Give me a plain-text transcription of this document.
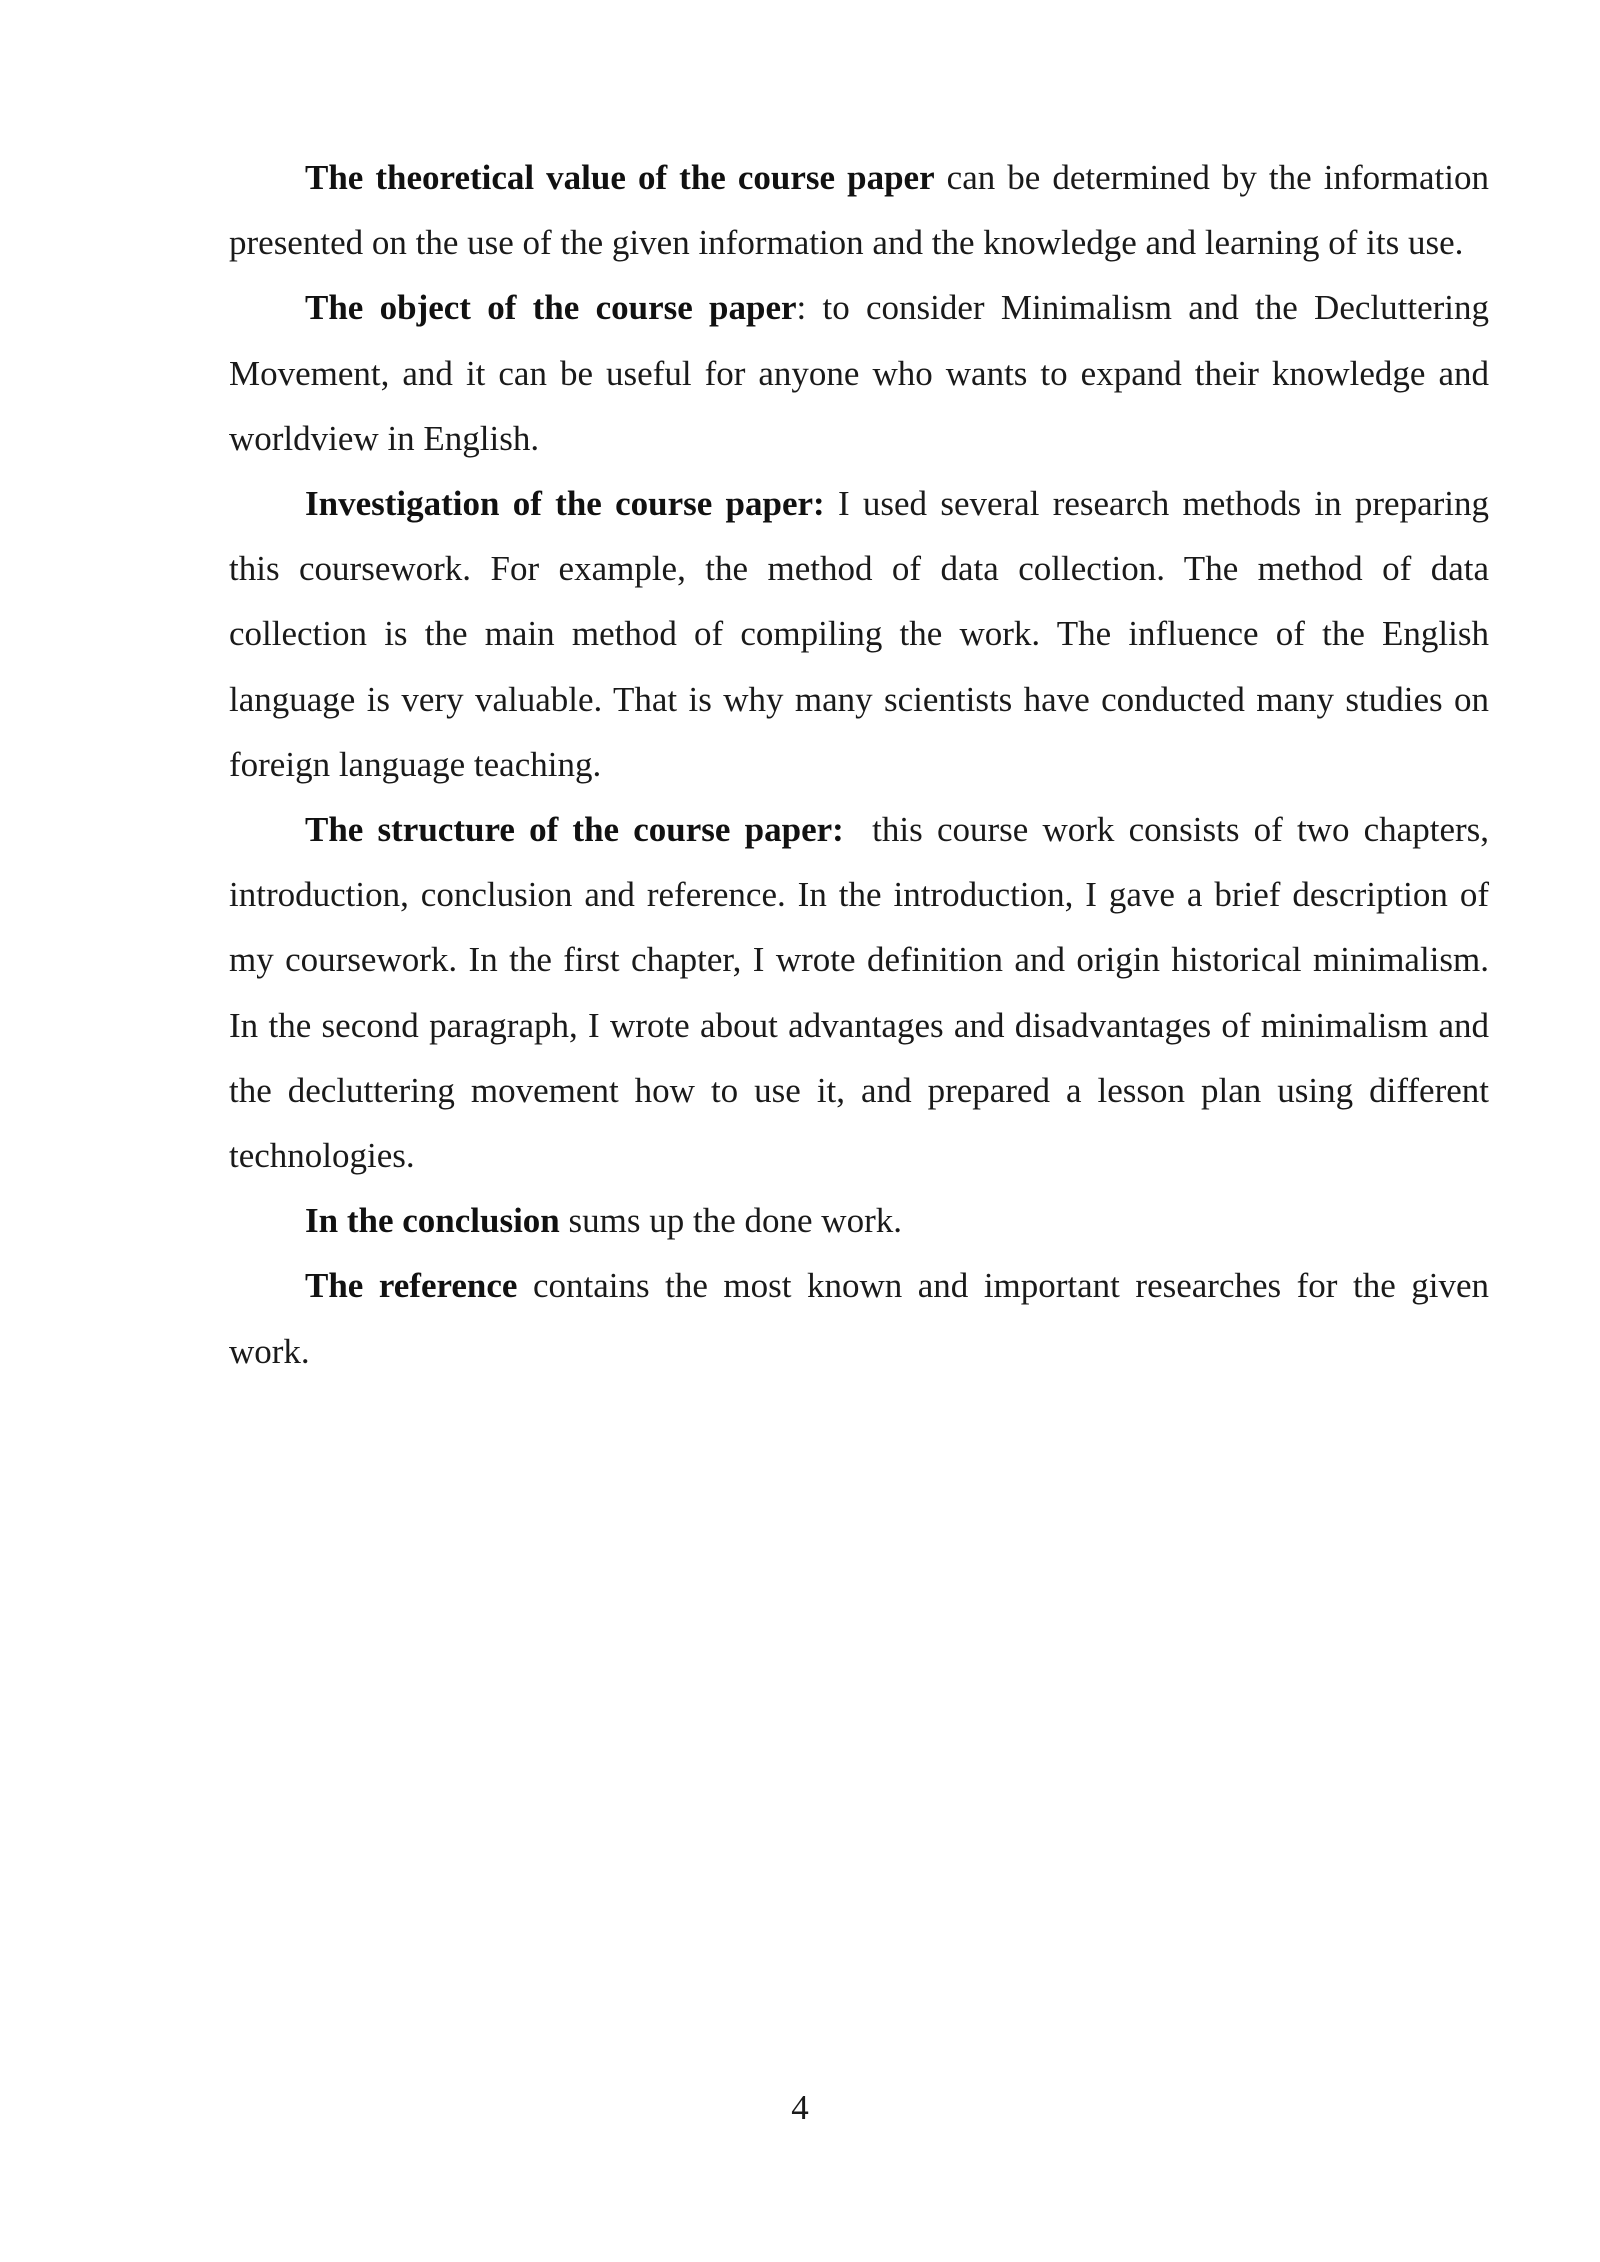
The theoretical value of the course paper can be determined by the information presented on the use of the given information and the knowledge and learning of its use.

The object of the course paper: to consider Minimalism and the Decluttering Movement, and it can be useful for anyone who wants to expand their knowledge and worldview in English.

Investigation of the course paper: I used several research methods in preparing this coursework. For example, the method of data collection. The method of data collection is the main method of compiling the work. The influence of the English language is very valuable. That is why many scientists have conducted many studies on foreign language teaching.

The structure of the course paper:  this course work consists of two chapters, introduction, conclusion and reference. In the introduction, I gave a brief description of my coursework. In the first chapter, I wrote definition and origin historical minimalism. In the second paragraph, I wrote about advantages and disadvantages of minimalism and the decluttering movement how to use it, and prepared a lesson plan using different technologies.

In the conclusion sums up the done work.

The reference contains the most known and important researches for the given work.

4
